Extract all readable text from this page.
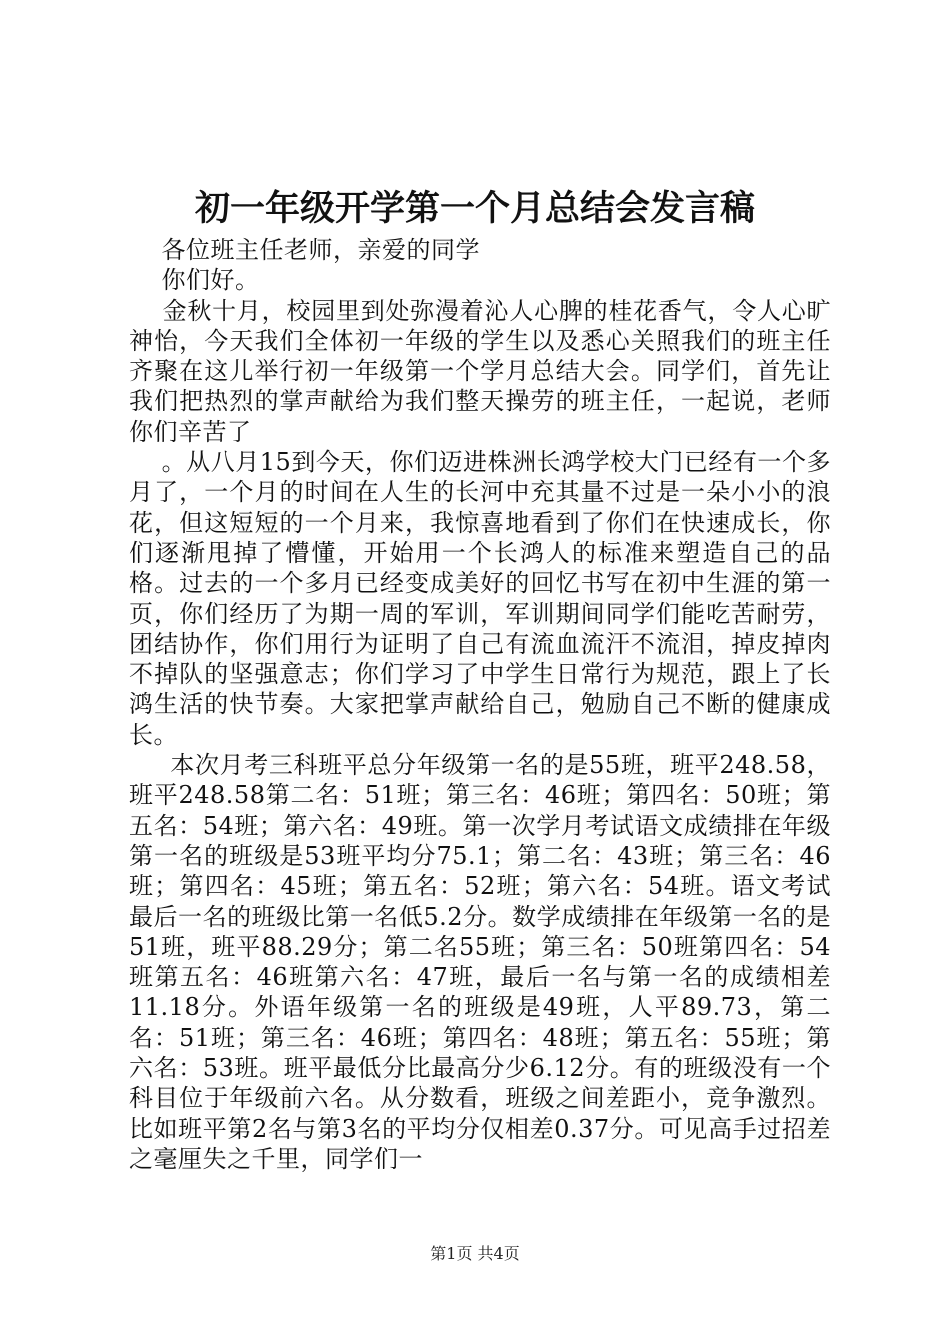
初一年级开学第一个月总结会发言稿

各位班主任老师，亲爱的同学

你们好。

金秋十月，校园里到处弥漫着沁人心脾的桂花香气，令人心旷神怡，今天我们全体初一年级的学生以及悉心关照我们的班主任齐聚在这儿举行初一年级第一个学月总结大会。同学们，首先让我们把热烈的掌声献给为我们整天操劳的班主任，一起说，老师你们辛苦了

。从八月15到今天，你们迈进株洲长鸿学校大门已经有一个多月了，一个月的时间在人生的长河中充其量不过是一朵小小的浪花，但这短短的一个月来，我惊喜地看到了你们在快速成长，你们逐渐甩掉了懵懂，开始用一个长鸿人的标准来塑造自己的品格。过去的一个多月已经变成美好的回忆书写在初中生涯的第一页，你们经历了为期一周的军训，军训期间同学们能吃苦耐劳，团结协作，你们用行为证明了自己有流血流汗不流泪，掉皮掉肉不掉队的坚强意志；你们学习了中学生日常行为规范，跟上了长鸿生活的快节奏。大家把掌声献给自己，勉励自己不断的健康成长。

本次月考三科班平总分年级第一名的是55班，班平248.58，班平248.58第二名：51班；第三名：46班；第四名：50班；第五名：54班；第六名：49班。第一次学月考试语文成绩排在年级第一名的班级是53班平均分75.1；第二名：43班；第三名：46班；第四名：45班；第五名：52班；第六名：54班。语文考试最后一名的班级比第一名低5.2分。数学成绩排在年级第一名的是51班，班平88.29分；第二名55班；第三名：50班第四名：54班第五名：46班第六名：47班，最后一名与第一名的成绩相差11.18分。外语年级第一名的班级是49班，人平89.73，第二名：51班；第三名：46班；第四名：48班；第五名：55班；第六名：53班。班平最低分比最高分少6.12分。有的班级没有一个科目位于年级前六名。从分数看，班级之间差距小，竞争激烈。比如班平第2名与第3名的平均分仅相差0.37分。可见高手过招差之毫厘失之千里，同学们一

第1页 共4页
